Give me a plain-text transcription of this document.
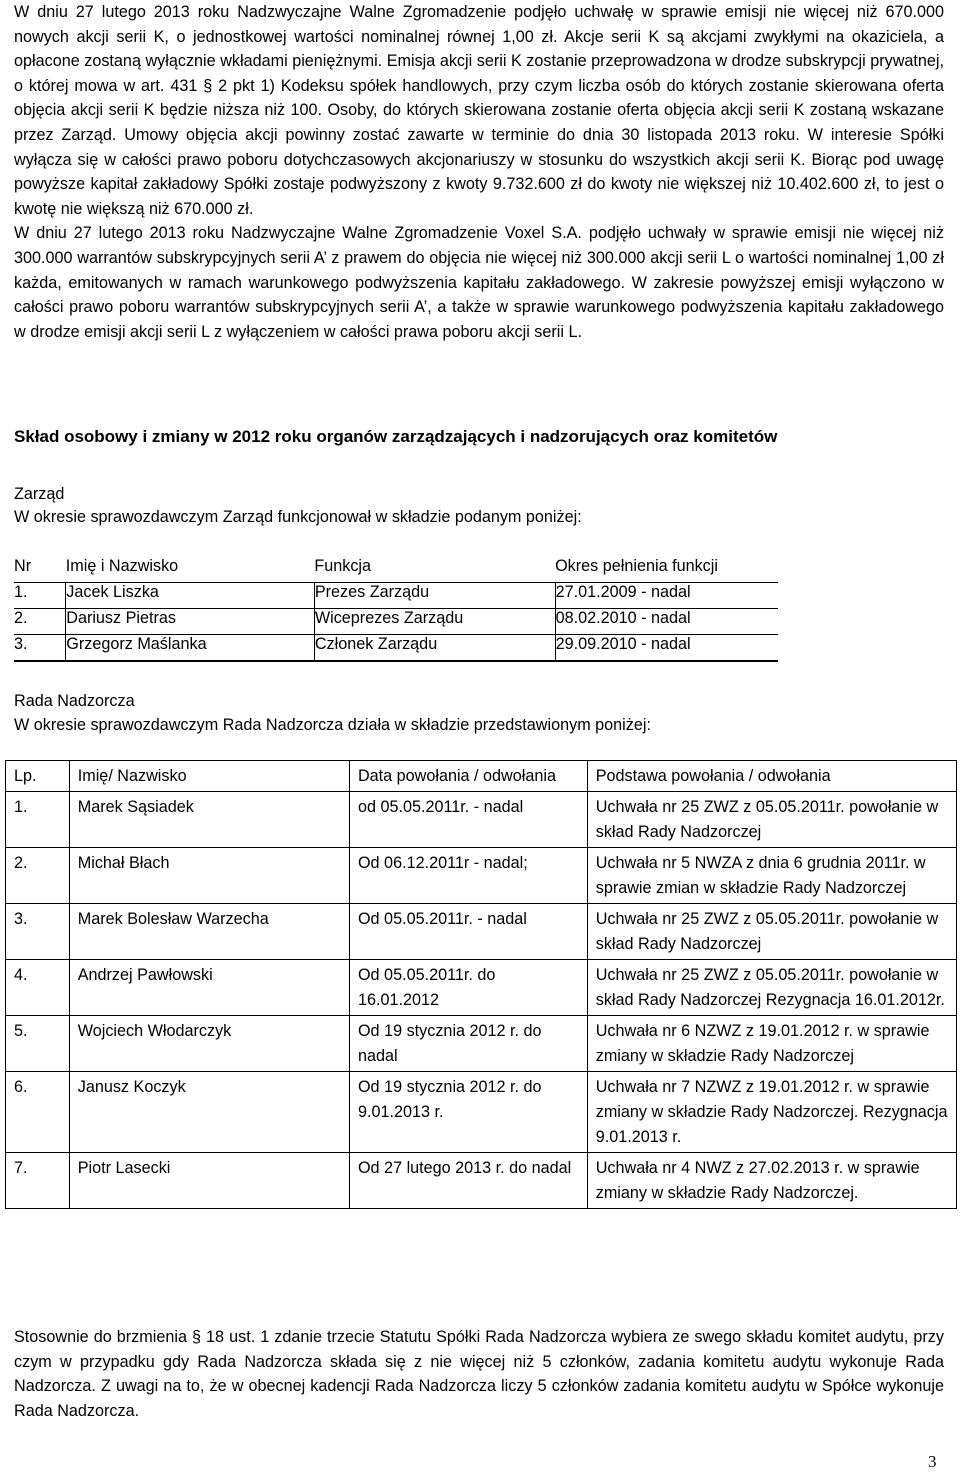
W dniu 27 lutego 2013 roku Nadzwyczajne Walne Zgromadzenie podjęło uchwałę w sprawie emisji nie więcej niż 670.000 nowych akcji serii K, o jednostkowej wartości nominalnej równej 1,00 zł. Akcje serii K są akcjami zwykłymi na okaziciela, a opłacone zostaną wyłącznie wkładami pieniężnymi. Emisja akcji serii K zostanie przeprowadzona w drodze subskrypcji prywatnej, o której mowa w art. 431 § 2 pkt 1) Kodeksu spółek handlowych, przy czym liczba osób do których zostanie skierowana oferta objęcia akcji serii K będzie niższa niż 100. Osoby, do których skierowana zostanie oferta objęcia akcji serii K zostaną wskazane przez Zarząd. Umowy objęcia akcji powinny zostać zawarte w terminie do dnia 30 listopada 2013 roku. W interesie Spółki wyłącza się w całości prawo poboru dotychczasowych akcjonariuszy w stosunku do wszystkich akcji serii K. Biorąc pod uwagę powyższe kapitał zakładowy Spółki zostaje podwyższony z kwoty 9.732.600 zł do kwoty nie większej niż 10.402.600 zł, to jest o kwotę nie większą niż 670.000 zł.

W dniu 27 lutego 2013 roku Nadzwyczajne Walne Zgromadzenie Voxel S.A. podjęło uchwały w sprawie emisji nie więcej niż 300.000 warrantów subskrypcyjnych serii A’ z prawem do objęcia nie więcej niż 300.000 akcji serii L o wartości nominalnej 1,00 zł każda, emitowanych w ramach warunkowego podwyższenia kapitału zakładowego. W zakresie powyższej emisji wyłączono w całości prawo poboru warrantów subskrypcyjnych serii A’, a także w sprawie warunkowego podwyższenia kapitału zakładowego w drodze emisji akcji serii L z wyłączeniem w całości prawa poboru akcji serii L.

Skład osobowy i zmiany w 2012 roku organów zarządzających i nadzorujących oraz komitetów
Zarząd
W okresie sprawozdawczym Zarząd funkcjonował w składzie podanym poniżej:
Nr	Imię i Nazwisko	Funkcja	Okres pełnienia funkcji
1.	Jacek Liszka	Prezes Zarządu	27.01.2009 - nadal
2.	Dariusz Pietras	Wiceprezes Zarządu	08.02.2010 - nadal
3.	Grzegorz Maślanka	Członek Zarządu	29.09.2010 - nadal
Rada Nadzorcza
W okresie sprawozdawczym Rada Nadzorcza działa w składzie przedstawionym poniżej:
Lp.	Imię/ Nazwisko	Data powołania / odwołania	Podstawa powołania / odwołania
1.	Marek Sąsiadek	od 05.05.2011r. - nadal	Uchwała nr 25 ZWZ z 05.05.2011r. powołanie w skład Rady Nadzorczej
2.	Michał Błach	Od 06.12.2011r - nadal;	Uchwała nr 5 NWZA z dnia 6 grudnia 2011r. w sprawie zmian w składzie Rady Nadzorczej
3.	Marek Bolesław Warzecha	Od 05.05.2011r. - nadal	Uchwała nr 25 ZWZ z 05.05.2011r. powołanie w skład Rady Nadzorczej
4.	Andrzej Pawłowski	Od 05.05.2011r. do 16.01.2012	Uchwała nr 25 ZWZ z 05.05.2011r. powołanie w skład Rady Nadzorczej Rezygnacja 16.01.2012r.
5.	Wojciech Włodarczyk	Od 19 stycznia 2012 r. do nadal	Uchwała nr 6 NZWZ z 19.01.2012 r. w sprawie zmiany w składzie Rady Nadzorczej
6.	Janusz Koczyk	Od 19 stycznia 2012 r. do 9.01.2013 r.	Uchwała nr 7 NZWZ z 19.01.2012 r. w sprawie zmiany w składzie Rady Nadzorczej. Rezygnacja 9.01.2013 r.
7.	Piotr Lasecki	Od 27 lutego 2013 r. do nadal	Uchwała nr 4 NWZ z 27.02.2013 r. w sprawie zmiany w składzie Rady Nadzorczej.

Stosownie do brzmienia § 18 ust. 1 zdanie trzecie Statutu Spółki Rada Nadzorcza wybiera ze swego składu komitet audytu, przy czym w przypadku gdy Rada Nadzorcza składa się z nie więcej niż 5 członków, zadania komitetu audytu wykonuje Rada Nadzorcza. Z uwagi na to, że w obecnej kadencji Rada Nadzorcza liczy 5 członków zadania komitetu audytu w Spółce wykonuje Rada Nadzorcza.

3
